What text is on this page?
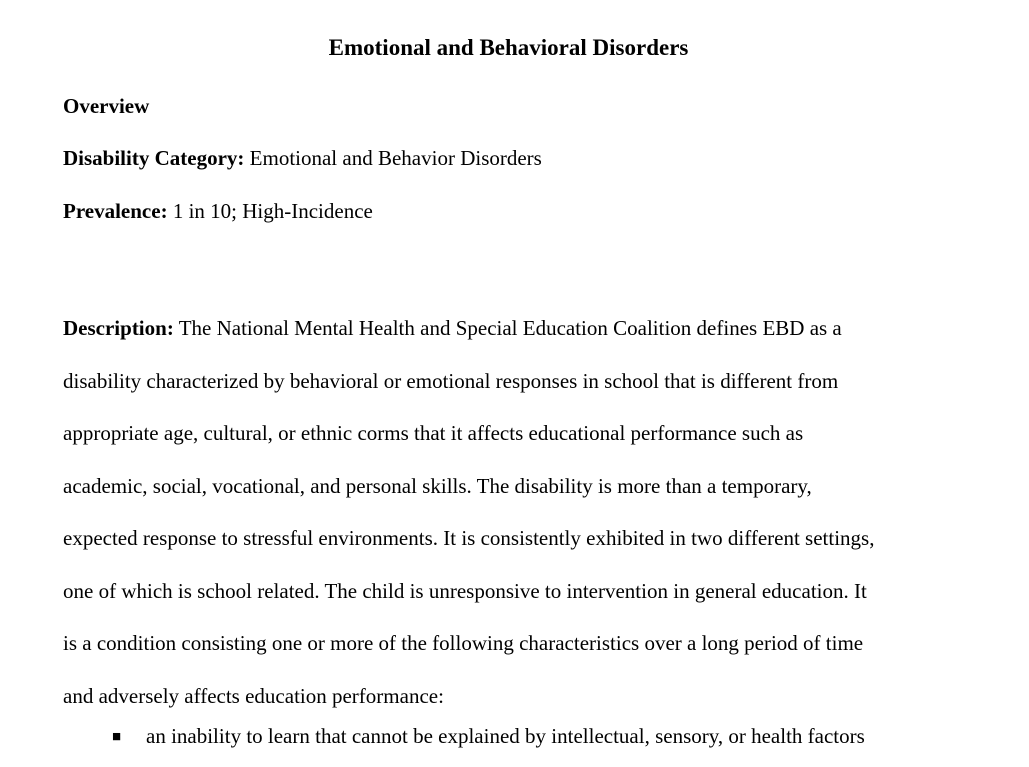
Emotional and Behavioral Disorders

Overview

Disability Category: Emotional and Behavior Disorders

Prevalence: 1 in 10; High-Incidence

Description: The National Mental Health and Special Education Coalition defines EBD as a
disability characterized by behavioral or emotional responses in school that is different from
appropriate age, cultural, or ethnic corms that it affects educational performance such as
academic, social, vocational, and personal skills. The disability is more than a temporary,
expected response to stressful environments. It is consistently exhibited in two different settings,
one of which is school related. The child is unresponsive to intervention in general education. It
is a condition consisting one or more of the following characteristics over a long period of time
and adversely affects education performance:

■ an inability to learn that cannot be explained by intellectual, sensory, or health factors
